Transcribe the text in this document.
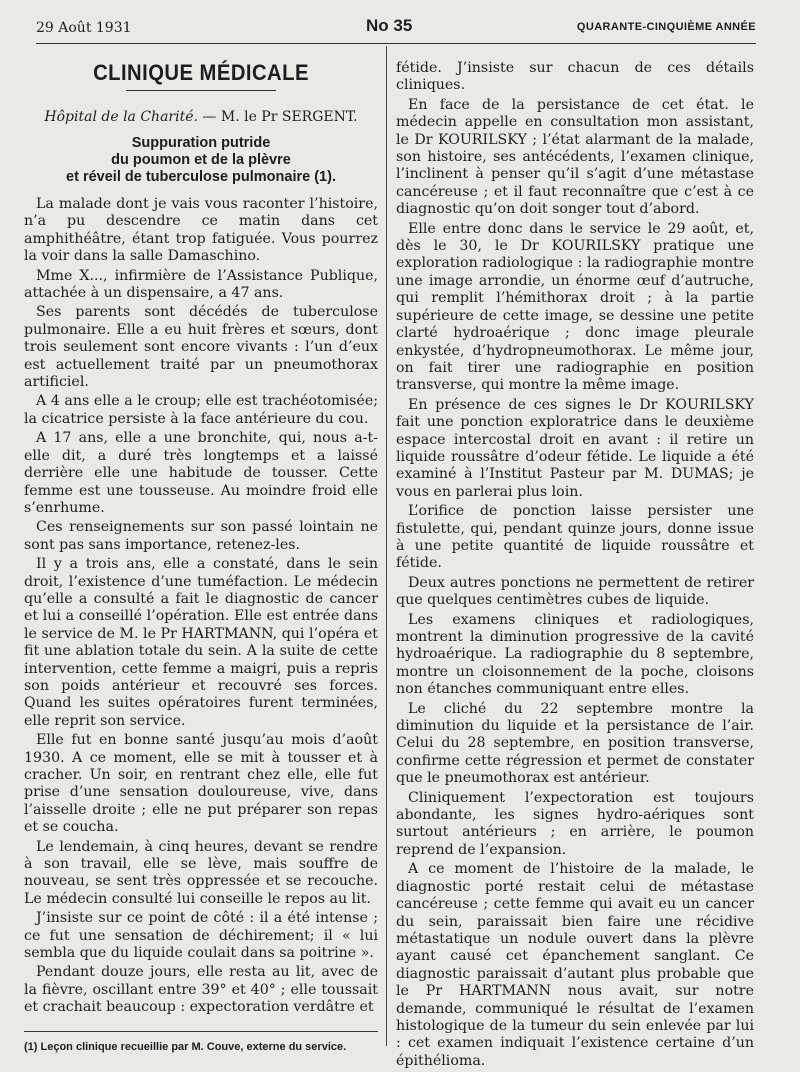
29 Août 1931	No 35	QUARANTE-CINQUIÈME ANNÉE
CLINIQUE MÉDICALE
Hôpital de la Charité. — M. le Pr SERGENT.
Suppuration putride
du poumon et de la plèvre
et réveil de tuberculose pulmonaire (1).

La malade dont je vais vous raconter l’histoire, n’a pu descendre ce matin dans cet amphithéâtre, étant trop fatiguée. Vous pourrez la voir dans la salle Damaschino.

Mme X..., infirmière de l’Assistance Publique, attachée à un dispensaire, a 47 ans.

Ses parents sont décédés de tuberculose pulmonaire. Elle a eu huit frères et sœurs, dont trois seulement sont encore vivants : l’un d’eux est actuellement traité par un pneumothorax artificiel.

A 4 ans elle a le croup; elle est trachéotomisée; la cicatrice persiste à la face antérieure du cou.

A 17 ans, elle a une bronchite, qui, nous a-t-elle dit, a duré très longtemps et a laissé derrière elle une habitude de tousser. Cette femme est une tousseuse. Au moindre froid elle s’enrhume.

Ces renseignements sur son passé lointain ne sont pas sans importance, retenez-les.

Il y a trois ans, elle a constaté, dans le sein droit, l’existence d’une tuméfaction. Le médecin qu’elle a consulté a fait le diagnostic de cancer et lui a conseillé l’opération. Elle est entrée dans le service de M. le Pr HARTMANN, qui l’opéra et fit une ablation totale du sein. A la suite de cette intervention, cette femme a maigri, puis a repris son poids antérieur et recouvré ses forces. Quand les suites opératoires furent terminées, elle reprit son service.

Elle fut en bonne santé jusqu’au mois d’août 1930. A ce moment, elle se mit à tousser et à cracher. Un soir, en rentrant chez elle, elle fut prise d’une sensation douloureuse, vive, dans l’aisselle droite ; elle ne put préparer son repas et se coucha.

Le lendemain, à cinq heures, devant se rendre à son travail, elle se lève, mais souffre de nouveau, se sent très oppressée et se recouche. Le médecin consulté lui conseille le repos au lit.

J’insiste sur ce point de côté : il a été intense ; ce fut une sensation de déchirement; il « lui sembla que du liquide coulait dans sa poitrine ».

Pendant douze jours, elle resta au lit, avec de la fièvre, oscillant entre 39° et 40° ; elle toussait et crachait beaucoup : expectoration verdâtre et

(1) Leçon clinique recueillie par M. Couve, externe du service.

fétide. J’insiste sur chacun de ces détails cliniques.

En face de la persistance de cet état. le médecin appelle en consultation mon assistant, le Dr KOURILSKY ; l’état alarmant de la malade, son histoire, ses antécédents, l’examen clinique, l’inclinent à penser qu’il s’agit d’une métastase cancéreuse ; et il faut reconnaître que c’est à ce diagnostic qu’on doit songer tout d’abord.

Elle entre donc dans le service le 29 août, et, dès le 30, le Dr KOURILSKY pratique une exploration radiologique : la radiographie montre une image arrondie, un énorme œuf d’autruche, qui remplit l’hémithorax droit ; à la partie supérieure de cette image, se dessine une petite clarté hydroaérique ; donc image pleurale enkystée, d’hydropneumothorax. Le même jour, on fait tirer une radiographie en position transverse, qui montre la même image.

En présence de ces signes le Dr KOURILSKY fait une ponction exploratrice dans le deuxième espace intercostal droit en avant : il retire un liquide roussâtre d’odeur fétide. Le liquide a été examiné à l’Institut Pasteur par M. DUMAS; je vous en parlerai plus loin.

L’orifice de ponction laisse persister une fistulette, qui, pendant quinze jours, donne issue à une petite quantité de liquide roussâtre et fétide.

Deux autres ponctions ne permettent de retirer que quelques centimètres cubes de liquide.

Les examens cliniques et radiologiques, montrent la diminution progressive de la cavité hydroaérique. La radiographie du 8 septembre, montre un cloisonnement de la poche, cloisons non étanches communiquant entre elles.

Le cliché du 22 septembre montre la diminution du liquide et la persistance de l’air. Celui du 28 septembre, en position transverse, confirme cette régression et permet de constater que le pneumothorax est antérieur.

Cliniquement l’expectoration est toujours abondante, les signes hydro-aériques sont surtout antérieurs ; en arrière, le poumon reprend de l’expansion.

A ce moment de l’histoire de la malade, le diagnostic porté restait celui de métastase cancéreuse ; cette femme qui avait eu un cancer du sein, paraissait bien faire une récidive métastatique un nodule ouvert dans la plèvre ayant causé cet épanchement sanglant. Ce diagnostic paraissait d’autant plus probable que le Pr HARTMANN nous avait, sur notre demande, communiqué le résultat de l’examen histologique de la tumeur du sein enlevée par lui : cet examen indiquait l’existence certaine d’un épithélioma.
